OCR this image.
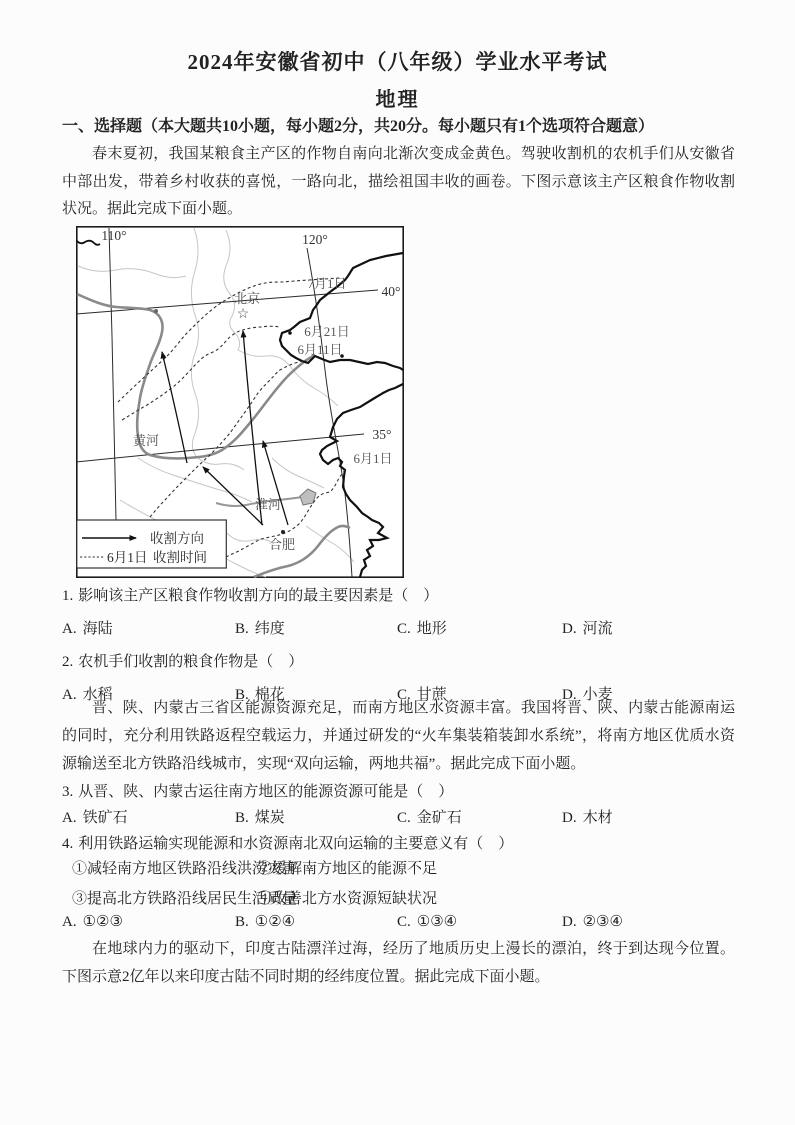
2024年安徽省初中（八年级）学业水平考试
地理
一、选择题（本大题共10小题，每小题2分，共20分。每小题只有1个选项符合题意）
春末夏初，我国某粮食主产区的作物自南向北渐次变成金黄色。驾驶收割机的农机手们从安徽省中部出发，带着乡村收获的喜悦，一路向北，描绘祖国丰收的画卷。下图示意该主产区粮食作物收割状况。据此完成下面小题。
110°	120°
40°
35°
7月1日
6月21日
6月11日
6月1日
北京
☆
合肥
黄河
淮河
收割方向
6月1日 收割时间
1. 影响该主产区粮食作物收割方向的最主要因素是（　）
A. 海陆	B. 纬度	C. 地形	D. 河流
2. 农机手们收割的粮食作物是（　）
A. 水稻	B. 棉花	C. 甘蔗	D. 小麦
晋、陕、内蒙古三省区能源资源充足，而南方地区水资源丰富。我国将晋、陕、内蒙古能源南运的同时，充分利用铁路返程空载运力，并通过研发的“火车集装箱装卸水系统”，将南方地区优质水资源输送至北方铁路沿线城市，实现“双向运输，两地共福”。据此完成下面小题。
3. 从晋、陕、内蒙古运往南方地区的能源资源可能是（　）
A. 铁矿石	B. 煤炭	C. 金矿石	D. 木材
4. 利用铁路运输实现能源和水资源南北双向运输的主要意义有（　）
①减轻南方地区铁路沿线洪涝灾害
②缓解南方地区的能源不足
③提高北方铁路沿线居民生活质量
④改善北方水资源短缺状况
A. ①②③	B. ①②④	C. ①③④	D. ②③④
在地球内力的驱动下，印度古陆漂洋过海，经历了地质历史上漫长的漂泊，终于到达现今位置。下图示意2亿年以来印度古陆不同时期的经纬度位置。据此完成下面小题。
